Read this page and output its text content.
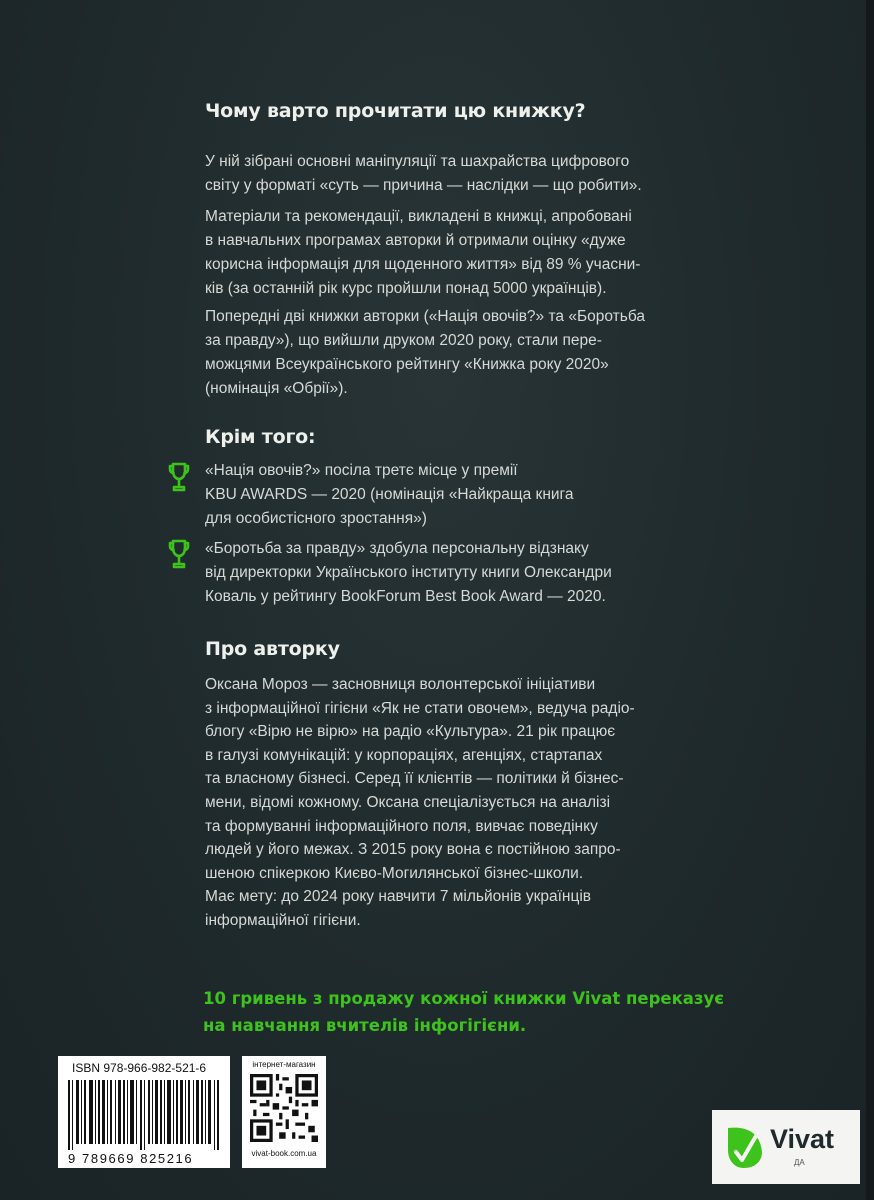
Чому варто прочитати цю книжку?
У ній зібрані основні маніпуляції та шахрайства цифрового
світу у форматі «суть — причина — наслідки — що робити».
Матеріали та рекомендації, викладені в книжці, апробовані
в навчальних програмах авторки й отримали оцінку «дуже
корисна інформація для щоденного життя» від 89 % учасни-
ків (за останній рік курс пройшли понад 5000 українців).
Попередні дві книжки авторки («Нація овочів?» та «Боротьба
за правду»), що вийшли друком 2020 року, стали пере-
можцями Всеукраїнського рейтингу «Книжка року 2020»
(номінація «Обрії»).
Крім того:
«Нація овочів?» посіла третє місце у премії
KBU AWARDS — 2020 (номінація «Найкраща книга
для особистісного зростання»)
«Боротьба за правду» здобула персональну відзнаку
від директорки Українського інституту книги Олександри
Коваль у рейтингу BookForum Best Book Award — 2020.
Про авторку
Оксана Мороз — засновниця волонтерської ініціативи
з інформаційної гігієни «Як не стати овочем», ведуча радіо-
блогу «Вірю не вірю» на радіо «Культура». 21 рік працює
в галузі комунікацій: у корпораціях, агенціях, стартапах
та власному бізнесі. Серед її клієнтів — політики й бізнес-
мени, відомі кожному. Оксана спеціалізується на аналізі
та формуванні інформаційного поля, вивчає поведінку
людей у його межах. З 2015 року вона є постійною запро-
шеною спікеркою Києво-Могилянської бізнес-школи.
Має мету: до 2024 року навчити 7 мільйонів українців
інформаційної гігієни.
10 гривень з продажу кожної книжки Vivat переказує
на навчання вчителів інфогігієни.
ISBN 978-966-982-521-6
9 789669 825216
інтернет-магазин
vivat-book.com.ua	Vivat
ДА
